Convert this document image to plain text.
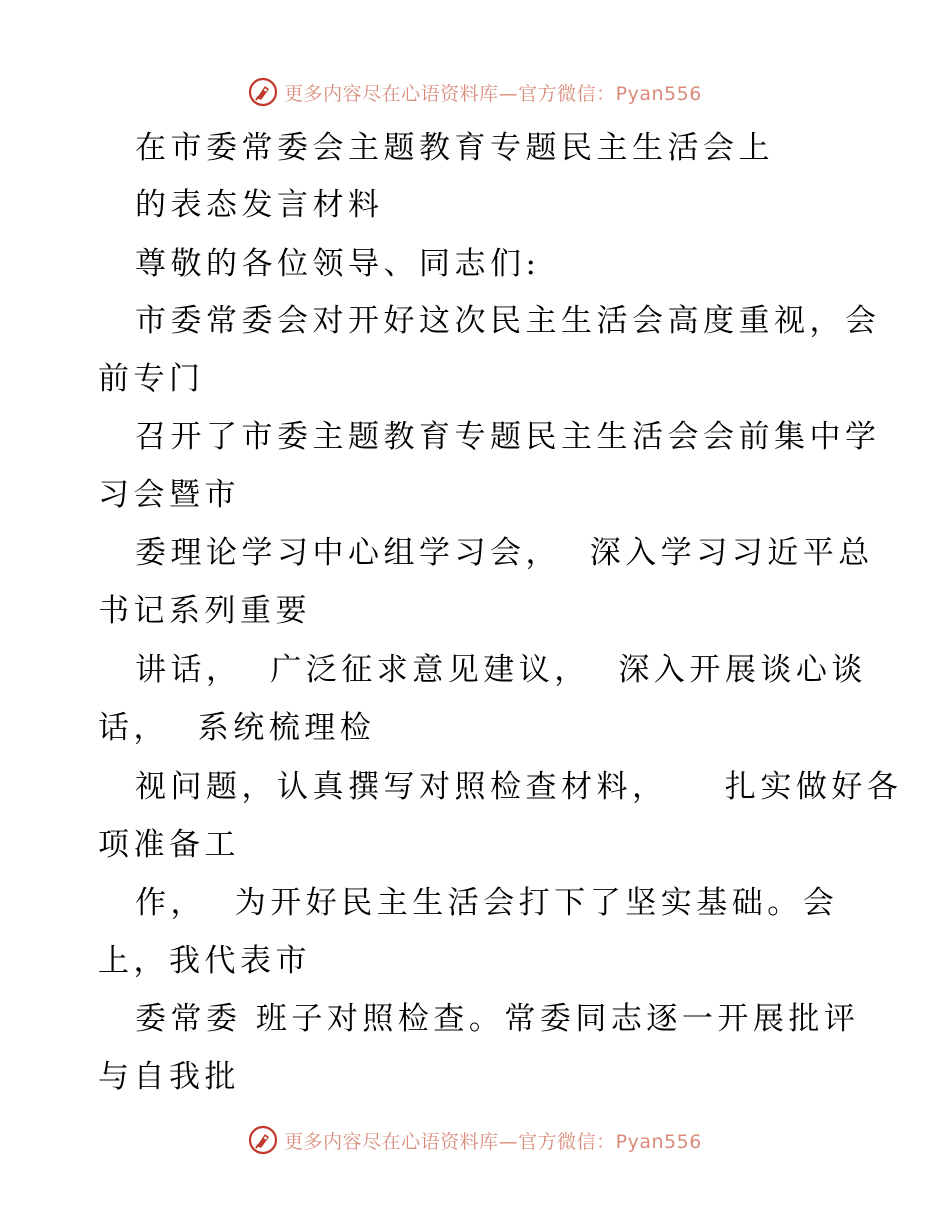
更多内容尽在心语资料库—官方微信：Pyan556
在市委常委会主题教育专题民主生活会上
的表态发言材料
尊敬的各位领导、同志们:
市委常委会对开好这次民主生活会高度重视，会
前专门
召开了市委主题教育专题民主生活会会前集中学
习会暨市
委理论学习中心组学习会，  深入学习习近平总
书记系列重要
讲话，  广泛征求意见建议，  深入开展谈心谈
话，  系统梳理检
视问题，认真撰写对照检查材料，    扎实做好各
项准备工
作，  为开好民主生活会打下了坚实基础。会
上，我代表市
委常委 班子对照检查。常委同志逐一开展批评
与自我批
更多内容尽在心语资料库—官方微信：Pyan556
